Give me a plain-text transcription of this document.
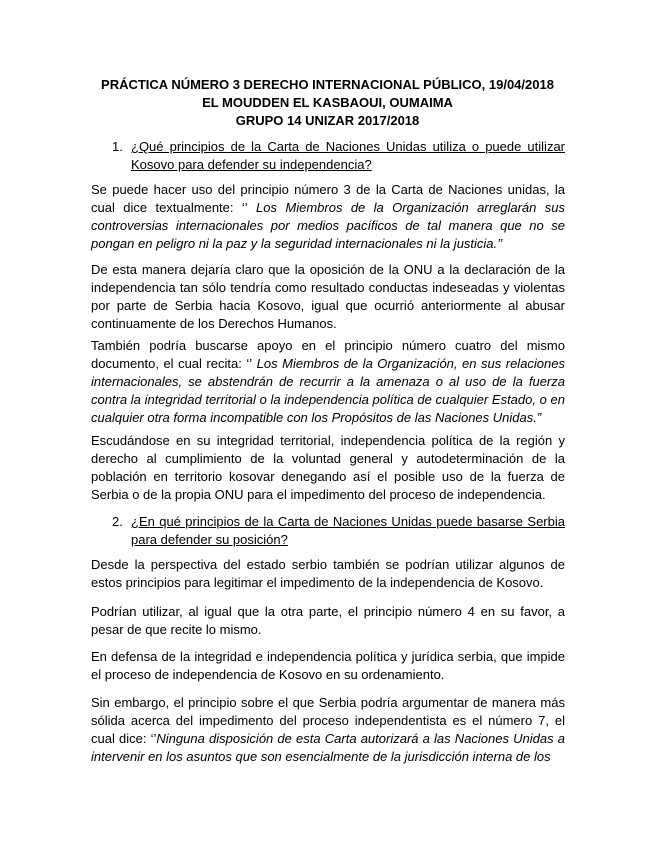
PRÁCTICA NÚMERO 3 DERECHO INTERNACIONAL PÚBLICO, 19/04/2018
EL MOUDDEN EL KASBAOUI, OUMAIMA
GRUPO 14 UNIZAR 2017/2018
1. ¿Qué principios de la Carta de Naciones Unidas utiliza o puede utilizar Kosovo para defender su independencia?

Se puede hacer uso del principio número 3 de la Carta de Naciones unidas, la cual dice textualmente: ‘’ Los Miembros de la Organización arreglarán sus controversias internacionales por medios pacíficos de tal manera que no se pongan en peligro ni la paz y la seguridad internacionales ni la justicia.’’

De esta manera dejaría claro que la oposición de la ONU a la declaración de la independencia tan sólo tendría como resultado conductas indeseadas y violentas por parte de Serbia hacia Kosovo, igual que ocurrió anteriormente al abusar continuamente de los Derechos Humanos.

También podría buscarse apoyo en el principio número cuatro del mismo documento, el cual recita: ‘’ Los Miembros de la Organización, en sus relaciones internacionales, se abstendrán de recurrir a la amenaza o al uso de la fuerza contra la integridad territorial o la independencia política de cualquier Estado, o en cualquier otra forma incompatible con los Propósitos de las Naciones Unidas.”

Escudándose en su integridad territorial, independencia política de la región y derecho al cumplimiento de la voluntad general y autodeterminación de la población en territorio kosovar denegando así el posible uso de la fuerza de Serbia o de la propia ONU para el impedimento del proceso de independencia.

2. ¿En qué principios de la Carta de Naciones Unidas puede basarse Serbia para defender su posición?

Desde la perspectiva del estado serbio también se podrían utilizar algunos de estos principios para legitimar el impedimento de la independencia de Kosovo.

Podrían utilizar, al igual que la otra parte, el principio número 4 en su favor, a pesar de que recite lo mismo.

En defensa de la integridad e independencia política y jurídica serbia, que impide el proceso de independencia de Kosovo en su ordenamiento.

Sin embargo, el principio sobre el que Serbia podría argumentar de manera más sólida acerca del impedimento del proceso independentista es el número 7, el cual dice: ‘’Ninguna disposición de esta Carta autorizará a las Naciones Unidas a intervenir en los asuntos que son esencialmente de la jurisdicción interna de los
